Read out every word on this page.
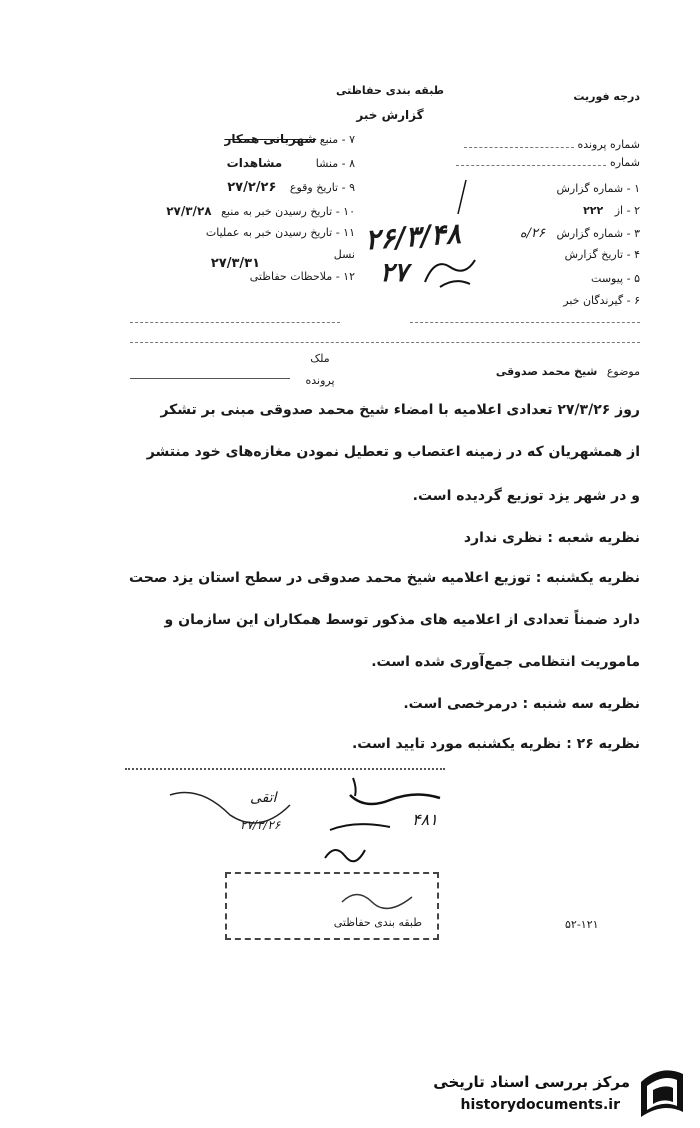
طبقه بندی حفاظتی
گزارش خبر
درجه فوریت
شماره پرونده
شماره
۱ - شماره گزارش
۲ - از ۲۲۲
۳ - شماره گزارش ۲۶/ه
۴ - تاریخ گزارش
۵ - پیوست
۶ - گیرندگان خبر
۷ - منبع شهربانی همکار
۸ - منشا مشاهدات
۹ - تاریخ وقوع ۲۷/۲/۲۶
۱۰ - تاریخ رسیدن خبر به منبع ۲۷/۳/۲۸
۱۱ - تاریخ رسیدن خبر به عملیات
نسل
۲۷/۳/۳۱
۱۲ - ملاحظات حفاظتی
۲۶/۳/۴۸
۲۷
موضوع شیخ محمد صدوقی
ملک
پرونده
روز ۲۷/۳/۲۶ تعدادی اعلامیه با امضاء شیخ محمد صدوقی مبنی بر تشکر
از همشهریان که در زمینه اعتصاب و تعطیل نمودن مغازه‌های خود منتشر
و در شهر یزد توزیع گردیده است.
نظریه شعبه : نظری ندارد
نظریه یکشنبه : توزیع اعلامیه شیخ محمد صدوقی در سطح استان یزد صحت
دارد ضمناً تعدادی از اعلامیه های مذکور توسط همکاران این سازمان و
ماموریت انتظامی جمع‌آوری شده است.
نظریه سه شنبه : درمرخصی است.
نظریه ۲۶ : نظریه یکشنبه مورد تایید است.
اتقی
۲۷/۳/۲۶	۴۸۱
طبقه بندی حفاظتی	۵۲-۱۲۱
مرکز بررسی اسناد تاریخی
historydocuments.ir
